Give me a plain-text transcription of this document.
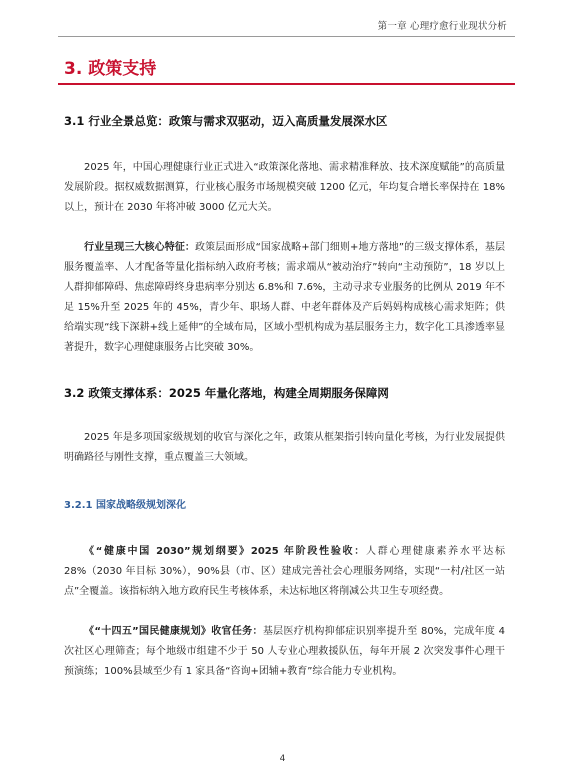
第一章 心理疗愈行业现状分析
3. 政策支持
3.1 行业全景总览：政策与需求双驱动，迈入高质量发展深水区

2025 年，中国心理健康行业正式进入“政策深化落地、需求精准释放、技术深度赋能”的高质量发展阶段。据权威数据测算，行业核心服务市场规模突破 1200 亿元，年均复合增长率保持在 18%以上，预计在 2030 年将冲破 3000 亿元大关。

行业呈现三大核心特征：政策层面形成“国家战略+部门细则+地方落地”的三级支撑体系，基层服务覆盖率、人才配备等量化指标纳入政府考核；需求端从“被动治疗”转向“主动预防”，18 岁以上人群抑郁障碍、焦虑障碍终身患病率分别达 6.8%和 7.6%，主动寻求专业服务的比例从 2019 年不足 15%升至 2025 年的 45%，青少年、职场人群、中老年群体及产后妈妈构成核心需求矩阵；供给端实现“线下深耕+线上延伸”的全域布局，区域小型机构成为基层服务主力，数字化工具渗透率显著提升，数字心理健康服务占比突破 30%。

3.2 政策支撑体系：2025 年量化落地，构建全周期服务保障网

2025 年是多项国家级规划的收官与深化之年，政策从框架指引转向量化考核，为行业发展提供明确路径与刚性支撑，重点覆盖三大领域。

3.2.1 国家战略级规划深化

《“健康中国 2030”规划纲要》2025 年阶段性验收：人群心理健康素养水平达标 28%（2030 年目标 30%），90%县（市、区）建成完善社会心理服务网络，实现“一村/社区一站点”全覆盖。该指标纳入地方政府民生考核体系，未达标地区将削减公共卫生专项经费。

《“十四五”国民健康规划》收官任务：基层医疗机构抑郁症识别率提升至 80%，完成年度 4 次社区心理筛查；每个地级市组建不少于 50 人专业心理救援队伍，每年开展 2 次突发事件心理干预演练；100%县域至少有 1 家具备“咨询+团辅+教育”综合能力专业机构。

4
